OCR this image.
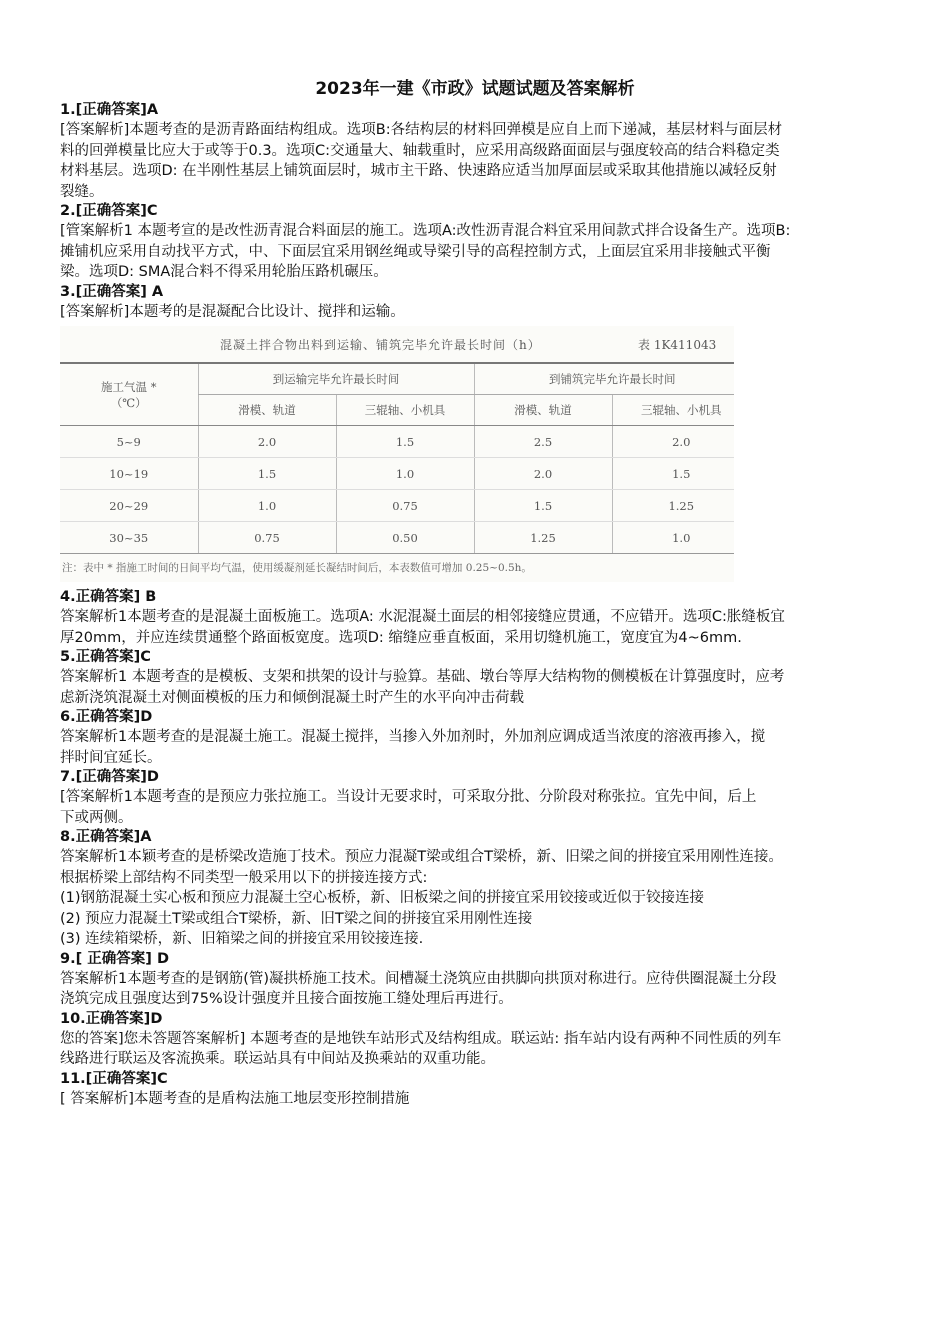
2023年一建《市政》试题试题及答案解析
1.[正确答案]A
[答案解析]本题考查的是沥青路面结构组成。选项B:各结构层的材料回弹模是应自上而下递减，基层材料与面层材
料的回弹模量比应大于或等于0.3。选项C:交通量大、轴载重时，应采用高级路面面层与强度较高的结合料稳定类
材料基层。选项D: 在半刚性基层上铺筑面层时，城市主干路、快速路应适当加厚面层或采取其他措施以减轻反射
裂缝。
2.[正确答案]C
[管案解析1 本题考宣的是改性沥青混合料面层的施工。选项A:改性沥青混合料宜采用间款式拌合设备生产。选项B:
摊铺机应采用自动找平方式，中、下面层宜采用钢丝绳或导梁引导的高程控制方式，上面层宜采用非接触式平衡
梁。选项D: SMA混合料不得采用轮胎压路机碾压。
3.[正确答案] A
[答案解析]本题考的是混凝配合比设计、搅拌和运输。
混凝土拌合物出料到运输、铺筑完毕允许最长时间（h）	表 1K411043
施工气温 *
（℃）	到运输完毕允许最长时间		到铺筑完毕允许最长时间	
	滑模、轨道	三辊轴、小机具	滑模、轨道	三辊轴、小机具
5~9	2.0	1.5	2.5	2.0
10~19	1.5	1.0	2.0	1.5
20~29	1.0	0.75	1.5	1.25
30~35	0.75	0.50	1.25	1.0
注：表中 * 指施工时间的日间平均气温，使用缓凝剂延长凝结时间后，本表数值可增加 0.25~0.5h。
4.正确答案] B
答案解析1本题考查的是混凝土面板施工。选项A: 水泥混凝土面层的相邻接缝应贯通，不应错开。选项C:胀缝板宜
厚20mm，并应连续贯通整个路面板宽度。选项D: 缩缝应垂直板面，采用切缝机施工，宽度宜为4~6mm.
5.正确答案]C
答案解析1 本题考查的是模板、支架和拱架的设计与验算。基础、墩台等厚大结构物的侧模板在计算强度时，应考
虑新浇筑混凝土对侧面模板的压力和倾倒混凝土时产生的水平向冲击荷载
6.正确答案]D
答案解析1本题考查的是混凝土施工。混凝土搅拌，当掺入外加剂时，外加剂应调成适当浓度的溶液再掺入，搅
拌时间宜延长。
7.[正确答案]D
[答案解析1本题考查的是预应力张拉施工。当设计无要求时，可采取分批、分阶段对称张拉。宜先中间，后上
下或两侧。
8.正确答案]A
答案解析1本颖考查的是桥梁改造施丁技术。预应力混凝T梁或组合T梁桥，新、旧梁之间的拼接宜采用刚性连接。
根据桥梁上部结构不同类型一般采用以下的拼接连接方式:
(1)钢筋混凝土实心板和预应力混凝土空心板桥，新、旧板梁之间的拼接宜采用铰接或近似于铰接连接
(2) 预应力混凝土T梁或组合T梁桥，新、旧T梁之间的拼接宜采用刚性连接
(3) 连续箱梁桥，新、旧箱梁之间的拼接宜采用铰接连接.
9.[ 正确答案] D
答案解析1本题考查的是钢筋(管)凝拱桥施工技术。间槽凝土浇筑应由拱脚向拱顶对称进行。应待供圈混凝土分段
浇筑完成且强度达到75%设计强度并且接合面按施工缝处理后再进行。
10.正确答案]D
您的答案]您未答题答案解析] 本题考查的是地铁车站形式及结构组成。联运站: 指车站内设有两种不同性质的列车
线路进行联运及客流换乘。联运站具有中间站及换乘站的双重功能。
11.[正确答案]C
[ 答案解析]本题考查的是盾构法施工地层变形控制措施
